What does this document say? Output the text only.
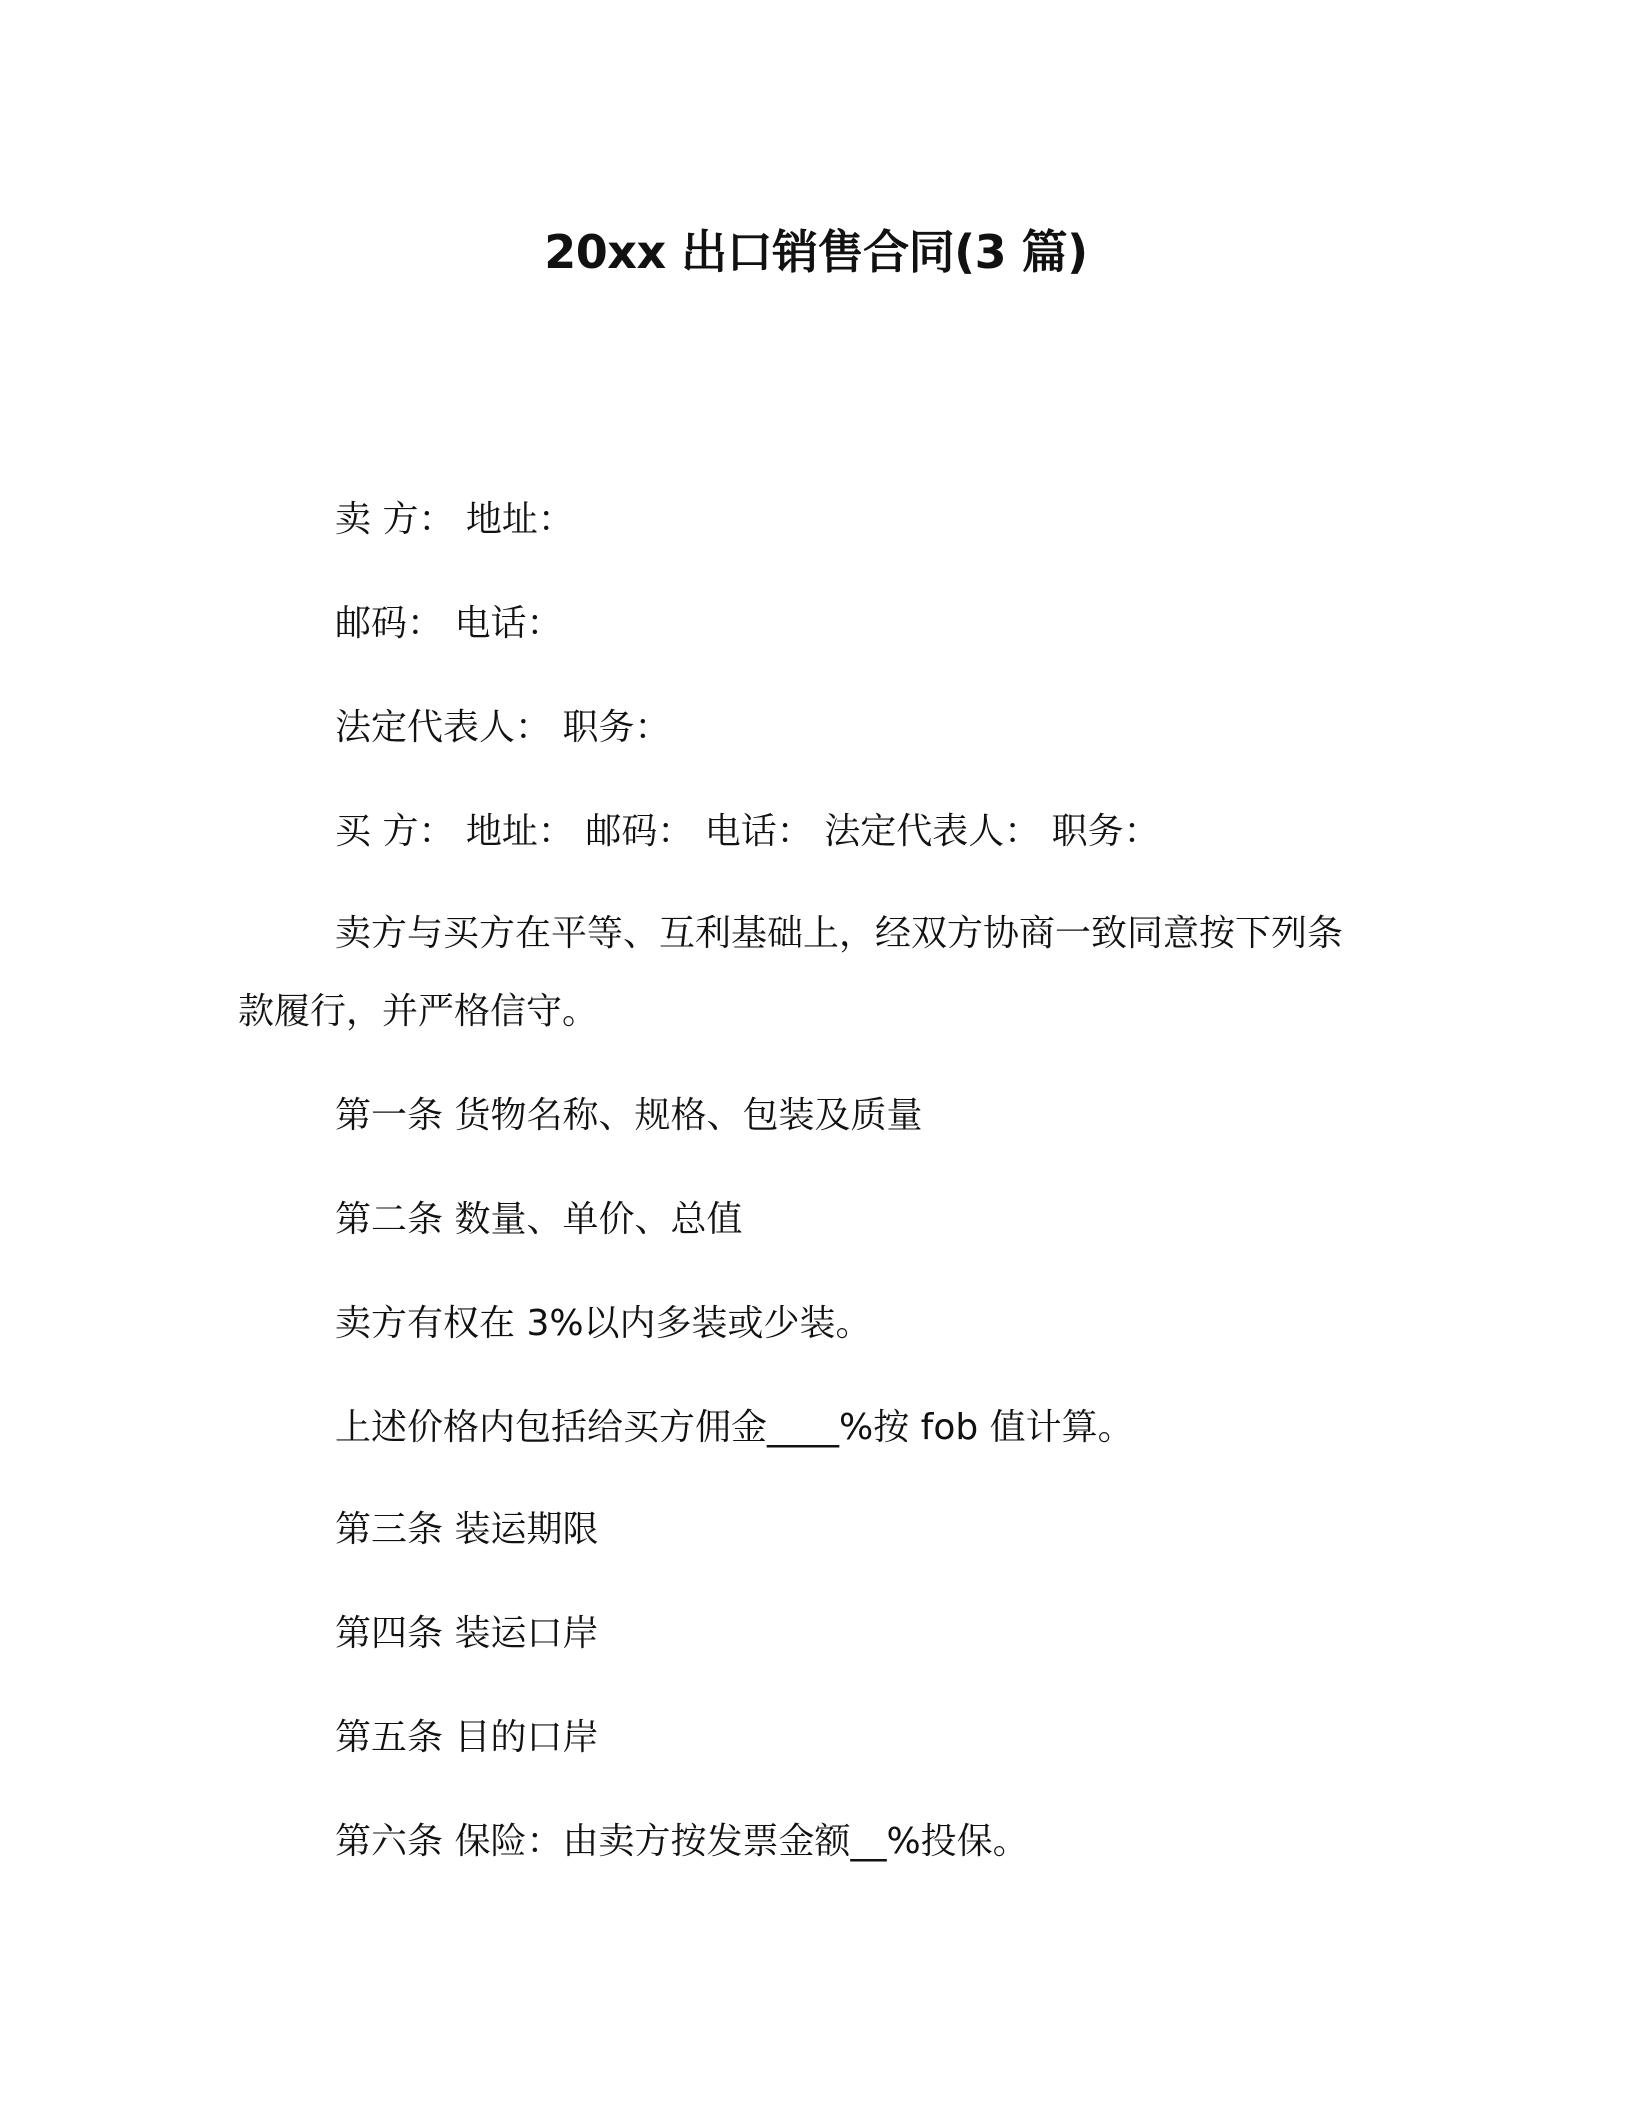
20xx 出口销售合同(3 篇)

卖 方： 地址：

邮码： 电话：

法定代表人： 职务：

买 方： 地址： 邮码： 电话： 法定代表人： 职务：

卖方与买方在平等、互利基础上，经双方协商一致同意按下列条

款履行，并严格信守。

第一条 货物名称、规格、包装及质量

第二条 数量、单价、总值

卖方有权在 3%以内多装或少装。

上述价格内包括给买方佣金____%按 fob 值计算。

第三条 装运期限

第四条 装运口岸

第五条 目的口岸

第六条 保险：由卖方按发票金额__%投保。
